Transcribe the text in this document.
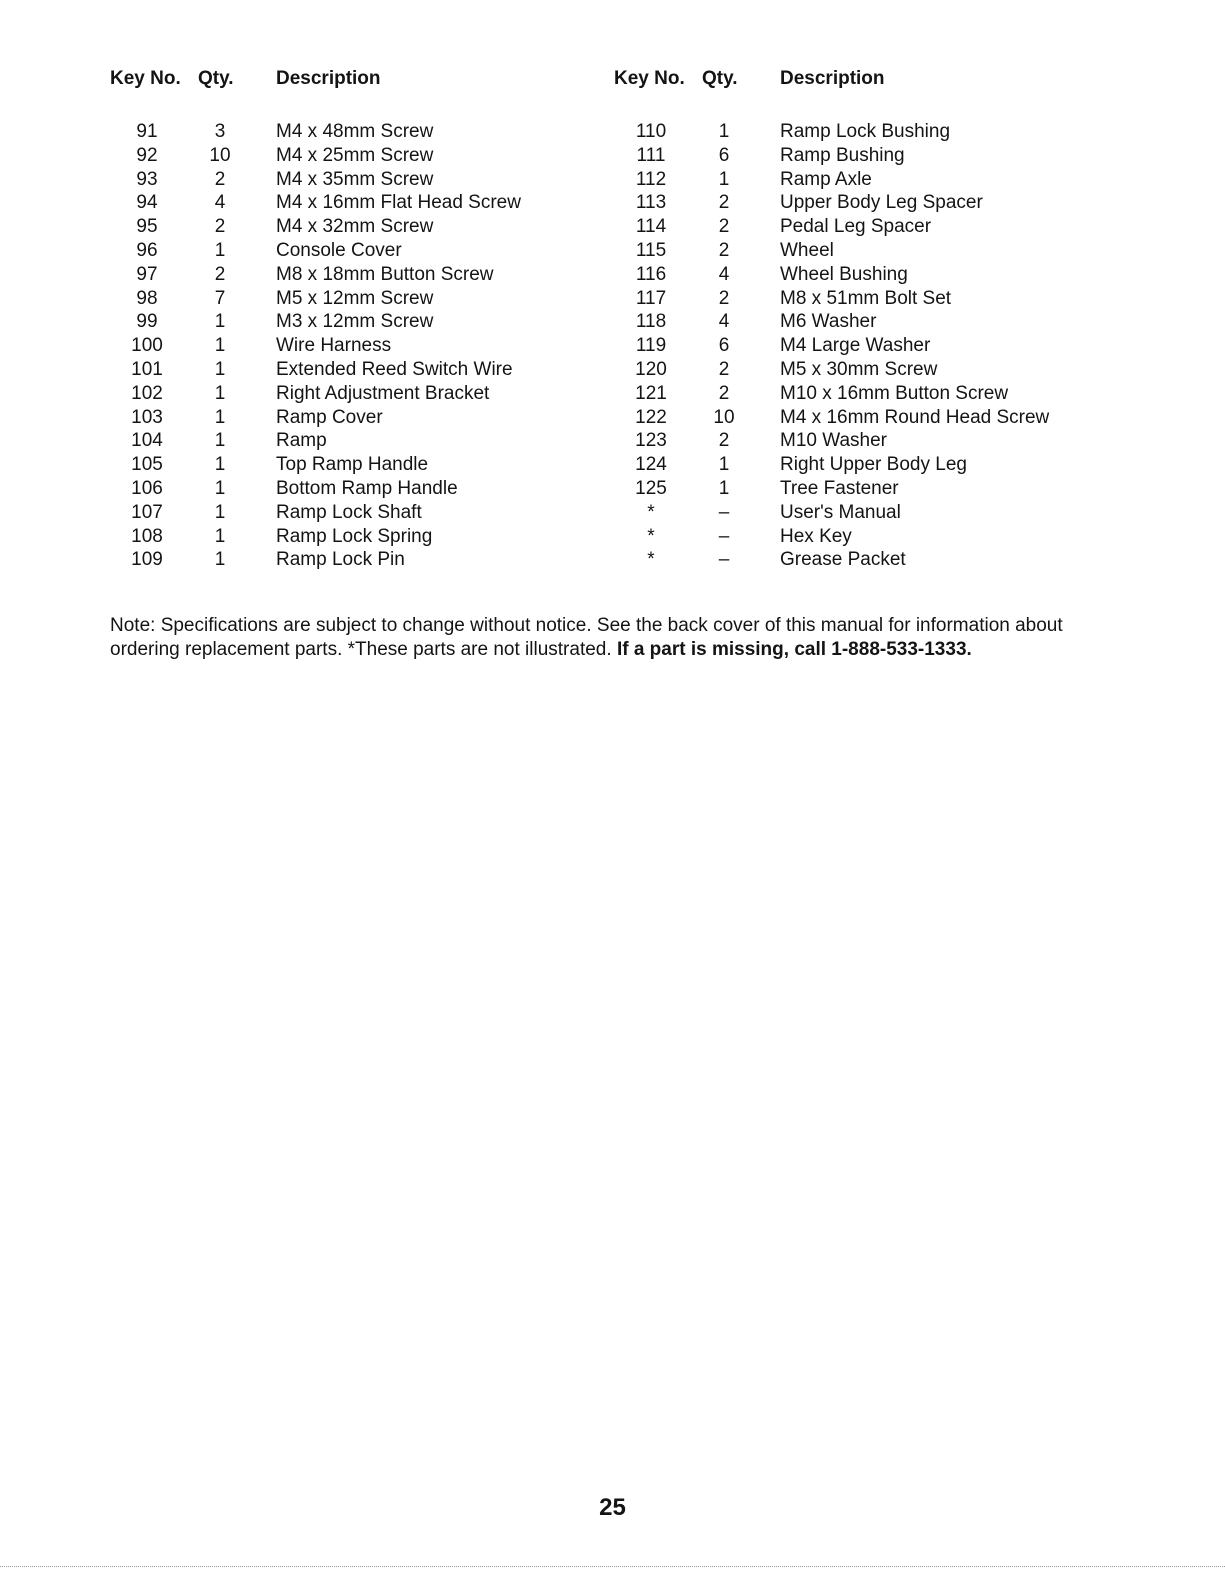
Key No.	Qty.	Description

91	3	M4 x 48mm Screw
92	10	M4 x 25mm Screw
93	2	M4 x 35mm Screw
94	4	M4 x 16mm Flat Head Screw
95	2	M4 x 32mm Screw
96	1	Console Cover
97	2	M8 x 18mm Button Screw
98	7	M5 x 12mm Screw
99	1	M3 x 12mm Screw
100	1	Wire Harness
101	1	Extended Reed Switch Wire
102	1	Right Adjustment Bracket
103	1	Ramp Cover
104	1	Ramp
105	1	Top Ramp Handle
106	1	Bottom Ramp Handle
107	1	Ramp Lock Shaft
108	1	Ramp Lock Spring
109	1	Ramp Lock Pin
Key No.	Qty.	Description

110	1	Ramp Lock Bushing
111	6	Ramp Bushing
112	1	Ramp Axle
113	2	Upper Body Leg Spacer
114	2	Pedal Leg Spacer
115	2	Wheel
116	4	Wheel Bushing
117	2	M8 x 51mm Bolt Set
118	4	M6 Washer
119	6	M4 Large Washer
120	2	M5 x 30mm Screw
121	2	M10 x 16mm Button Screw
122	10	M4 x 16mm Round Head Screw
123	2	M10 Washer
124	1	Right Upper Body Leg
125	1	Tree Fastener
*	–	User's Manual
*	–	Hex Key
*	–	Grease Packet

Note: Specifications are subject to change without notice. See the back cover of this manual for information about ordering replacement parts. *These parts are not illustrated. If a part is missing, call 1-888-533-1333.

25
